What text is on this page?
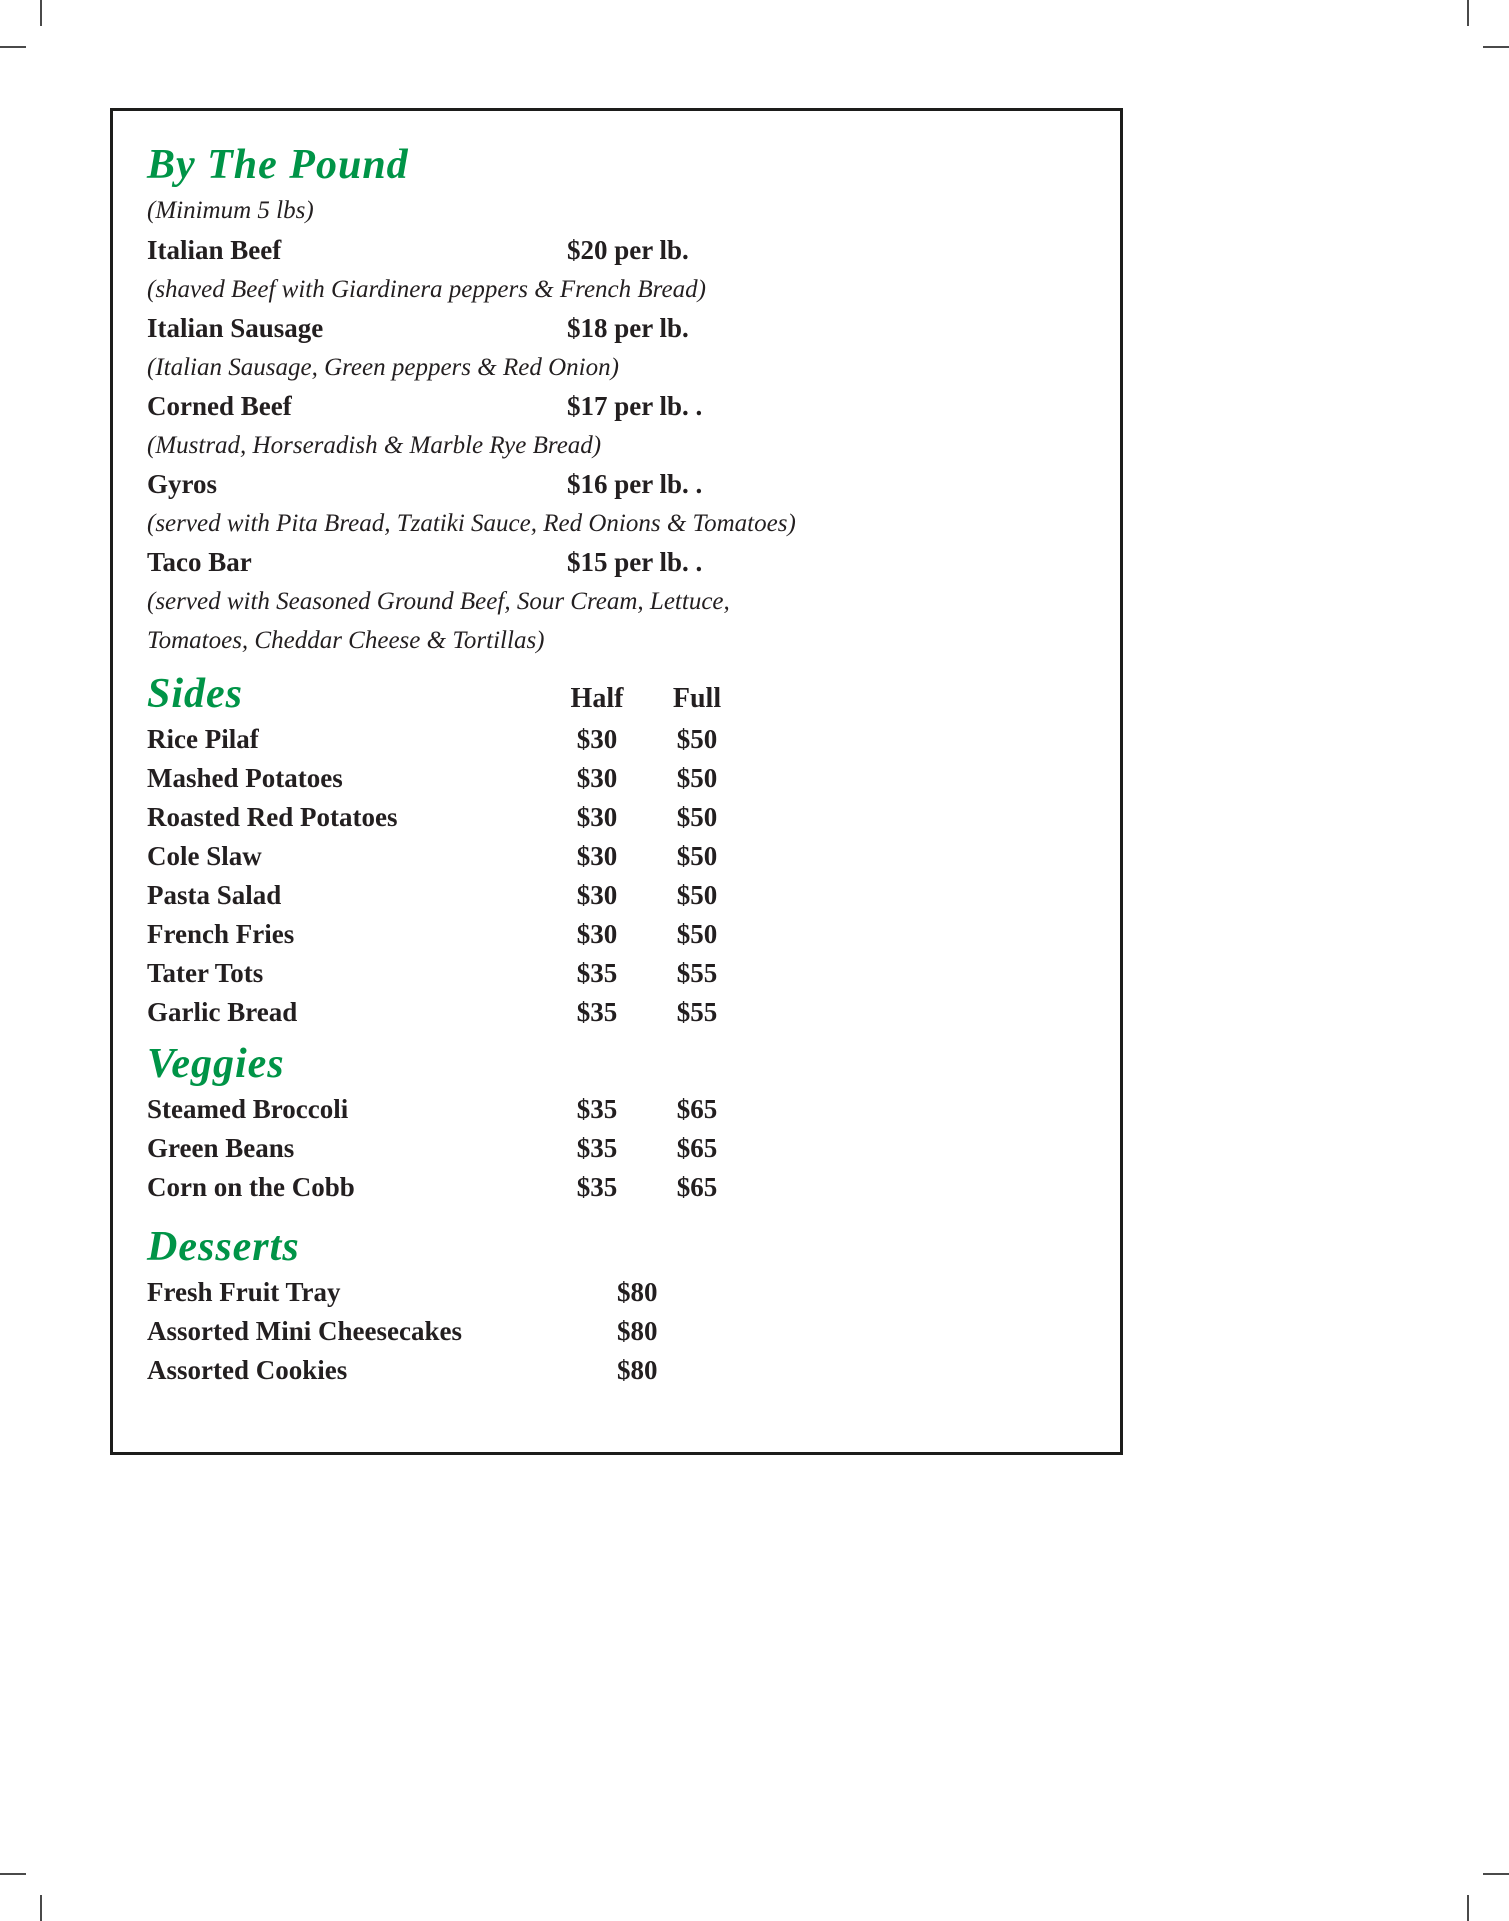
By The Pound
(Minimum 5 lbs)
Italian Beef	$20 per lb.
(shaved Beef with Giardinera peppers & French Bread)
Italian Sausage	$18 per lb.
(Italian Sausage, Green peppers & Red Onion)
Corned Beef	$17 per lb. .
(Mustrad, Horseradish & Marble Rye Bread)
Gyros	$16 per lb. .
(served with Pita Bread, Tzatiki Sauce, Red Onions & Tomatoes)
Taco Bar	$15 per lb. .
(served with Seasoned Ground Beef, Sour Cream, Lettuce, Tomatoes, Cheddar Cheese & Tortillas)
Sides	Half	Full
Rice Pilaf	$30	$50
Mashed Potatoes	$30	$50
Roasted Red Potatoes	$30	$50
Cole Slaw	$30	$50
Pasta Salad	$30	$50
French Fries	$30	$50
Tater Tots	$35	$55
Garlic Bread	$35	$55
Veggies
Steamed Broccoli	$35	$65
Green Beans	$35	$65
Corn on the Cobb	$35	$65
Desserts
Fresh Fruit Tray	$80
Assorted Mini Cheesecakes	$80
Assorted Cookies	$80
